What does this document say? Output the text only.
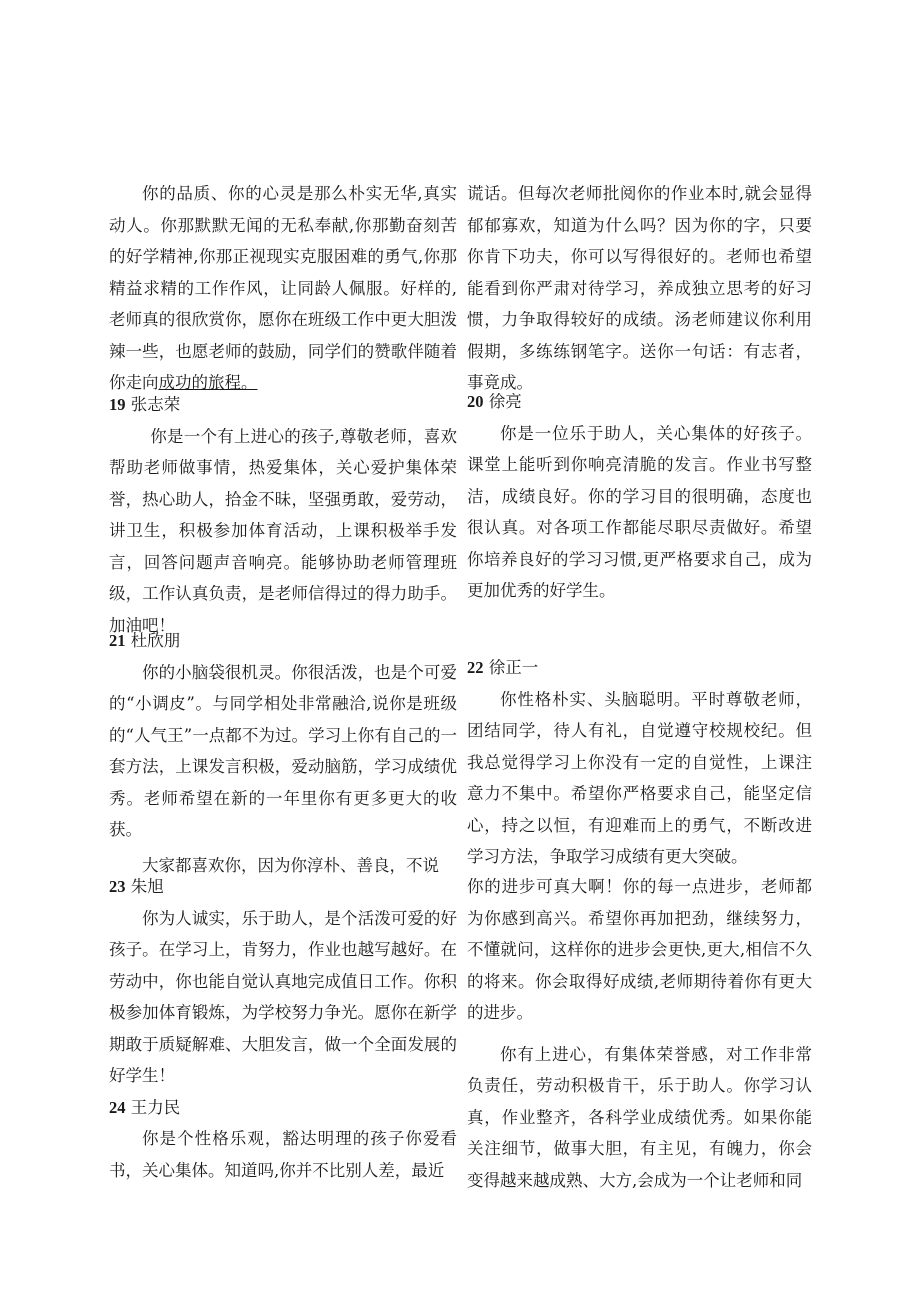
你的品质、你的心灵是那么朴实无华,真实动人。你那默默无闻的无私奉献,你那勤奋刻苦的好学精神,你那正视现实克服困难的勇气,你那精益求精的工作作风，让同龄人佩服。好样的,老师真的很欣赏你，愿你在班级工作中更大胆泼辣一些，也愿老师的鼓励，同学们的赞歌伴随着你走向成功的旅程。

谎话。但每次老师批阅你的作业本时,就会显得郁郁寡欢，知道为什么吗？因为你的字，只要你肯下功夫，你可以写得很好的。老师也希望能看到你严肃对待学习，养成独立思考的好习惯，力争取得较好的成绩。汤老师建议你利用假期，多练练钢笔字。送你一句话：有志者，事竟成。

19 张志荣

你是一个有上进心的孩子,尊敬老师，喜欢帮助老师做事情，热爱集体，关心爱护集体荣誉，热心助人，拾金不昧，坚强勇敢，爱劳动，讲卫生，积极参加体育活动，上课积极举手发言，回答问题声音响亮。能够协助老师管理班级，工作认真负责，是老师信得过的得力助手。加油吧！

20 徐亮

你是一位乐于助人，关心集体的好孩子。课堂上能听到你响亮清脆的发言。作业书写整洁，成绩良好。你的学习目的很明确，态度也很认真。对各项工作都能尽职尽责做好。希望你培养良好的学习习惯,更严格要求自己，成为更加优秀的好学生。

21 杜欣朋

你的小脑袋很机灵。你很活泼，也是个可爱的“小调皮”。与同学相处非常融洽,说你是班级的“人气王”一点都不为过。学习上你有自己的一套方法，上课发言积极，爱动脑筋，学习成绩优秀。老师希望在新的一年里你有更多更大的收获。

大家都喜欢你，因为你淳朴、善良，不说

22 徐正一

你性格朴实、头脑聪明。平时尊敬老师，团结同学，待人有礼，自觉遵守校规校纪。但我总觉得学习上你没有一定的自觉性，上课注意力不集中。希望你严格要求自己，能坚定信心，持之以恒，有迎难而上的勇气，不断改进学习方法，争取学习成绩有更大突破。

23 朱旭

你为人诚实，乐于助人，是个活泼可爱的好孩子。在学习上，肯努力，作业也越写越好。在劳动中，你也能自觉认真地完成值日工作。你积极参加体育锻炼，为学校努力争光。愿你在新学期敢于质疑解难、大胆发言，做一个全面发展的好学生！

24 王力民

你是个性格乐观，豁达明理的孩子你爱看书，关心集体。知道吗,你并不比别人差，最近

你的进步可真大啊！你的每一点进步，老师都为你感到高兴。希望你再加把劲，继续努力，不懂就问，这样你的进步会更快,更大,相信不久的将来。你会取得好成绩,老师期待着你有更大的进步。

你有上进心，有集体荣誉感，对工作非常负责任，劳动积极肯干，乐于助人。你学习认真，作业整齐，各科学业成绩优秀。如果你能关注细节，做事大胆，有主见，有魄力，你会变得越来越成熟、大方,会成为一个让老师和同
